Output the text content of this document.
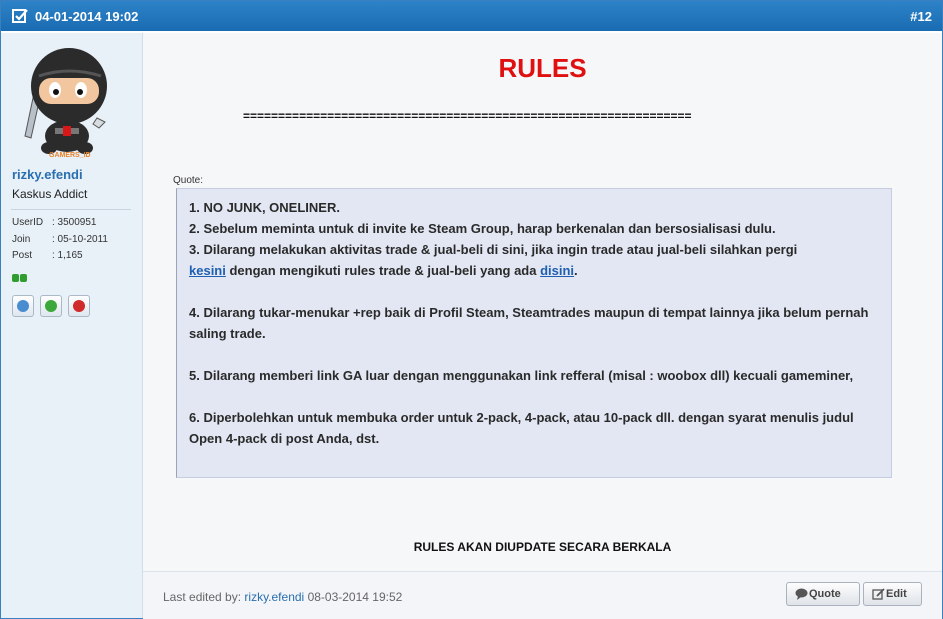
04-01-2014 19:02	#12
GAMERS_ID
rizky.efendi
Kaskus Addict
UserID : 3500951
Join : 05-10-2011
Post : 1,165
RULES
================================================================
Quote:

1. NO JUNK, ONELINER.

2. Sebelum meminta untuk di invite ke Steam Group, harap berkenalan dan bersosialisasi dulu.

3. Dilarang melakukan aktivitas trade & jual-beli di sini, jika ingin trade atau jual-beli silahkan pergi
kesini dengan mengikuti rules trade & jual-beli yang ada disini.

4. Dilarang tukar-menukar +rep baik di Profil Steam, Steamtrades maupun di tempat lainnya jika belum pernah saling trade.

5. Dilarang memberi link GA luar dengan menggunakan link refferal (misal : woobox dll) kecuali gameminer,

6. Diperbolehkan untuk membuka order untuk 2-pack, 4-pack, atau 10-pack dll. dengan syarat menulis judul Open 4-pack di post Anda, dst.

RULES AKAN DIUPDATE SECARA BERKALA
Last edited by: rizky.efendi 08-03-2014 19:52	Quote	Edit
